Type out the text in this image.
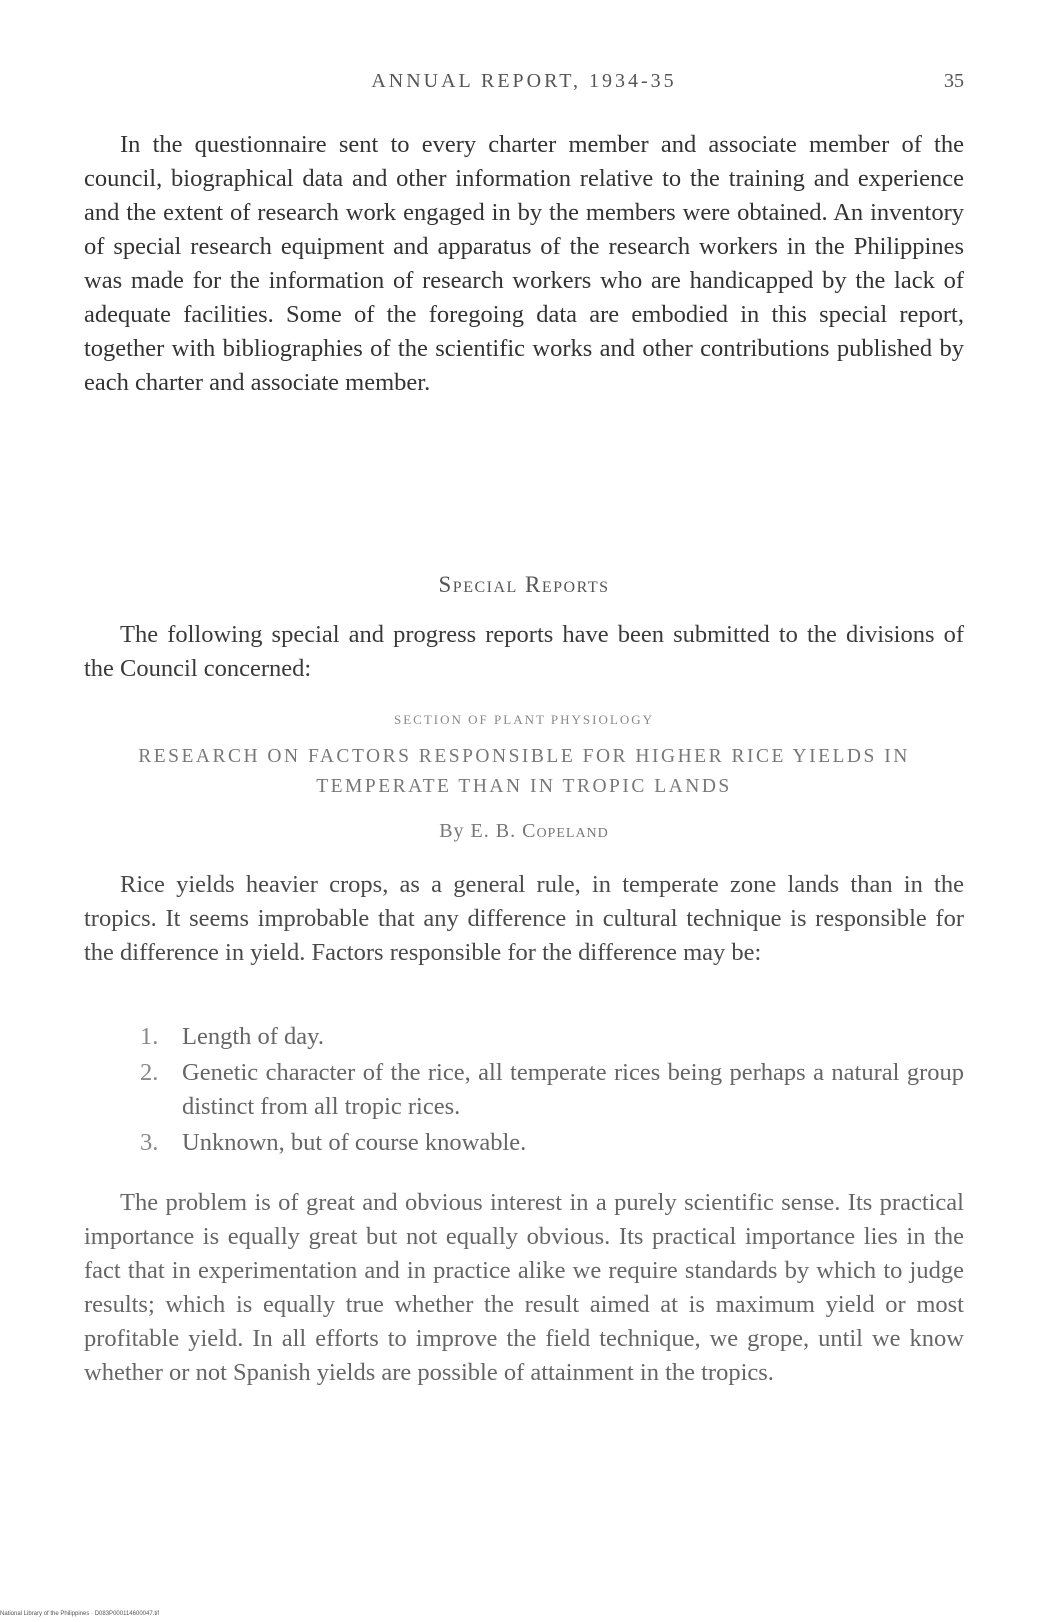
ANNUAL REPORT, 1934-35	35

In the questionnaire sent to every charter member and associate member of the council, biographical data and other information relative to the training and experience and the extent of research work engaged in by the members were obtained. An inventory of special research equipment and apparatus of the research workers in the Philippines was made for the information of research workers who are handicapped by the lack of adequate facilities. Some of the foregoing data are embodied in this special report, together with bibliographies of the scientific works and other contributions published by each charter and associate member.

Special Reports

The following special and progress reports have been submitted to the divisions of the Council concerned:

SECTION OF PLANT PHYSIOLOGY

RESEARCH ON FACTORS RESPONSIBLE FOR HIGHER RICE YIELDS IN TEMPERATE THAN IN TROPIC LANDS

By E. B. Copeland

Rice yields heavier crops, as a general rule, in temperate zone lands than in the tropics. It seems improbable that any difference in cultural technique is responsible for the difference in yield. Factors responsible for the difference may be:

1. Length of day.
2. Genetic character of the rice, all temperate rices being perhaps a natural group distinct from all tropic rices.
3. Unknown, but of course knowable.

The problem is of great and obvious interest in a purely scientific sense. Its practical importance is equally great but not equally obvious. Its practical importance lies in the fact that in experimentation and in practice alike we require standards by which to judge results; which is equally true whether the result aimed at is maximum yield or most profitable yield. In all efforts to improve the field technique, we grope, until we know whether or not Spanish yields are possible of attainment in the tropics.

National Library of the Philippines · D083P000114600047.tif
